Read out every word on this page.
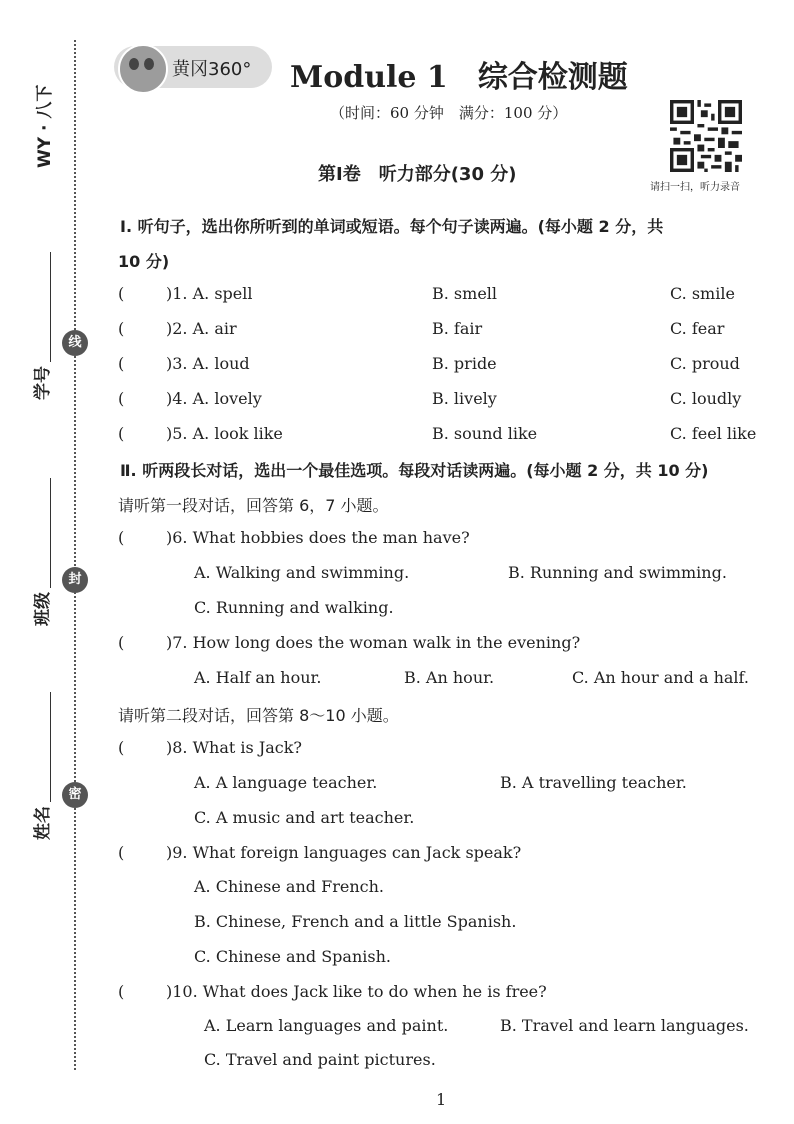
WY · 八下
学号
班级
姓名
线
封
密
黄冈360° Module 1 综合检测题
（时间：60 分钟　满分：100 分）
请扫一扫，听力录音
第Ⅰ卷　听力部分(30 分)
Ⅰ. 听句子，选出你所听到的单词或短语。每个句子读两遍。(每小题 2 分，共
10 分)
(	)1. A. spell	B. smell	C. smile
(	)2. A. air	B. fair	C. fear
(	)3. A. loud	B. pride	C. proud
(	)4. A. lovely	B. lively	C. loudly
(	)5. A. look like	B. sound like	C. feel like
Ⅱ. 听两段长对话，选出一个最佳选项。每段对话读两遍。(每小题 2 分，共 10 分)
请听第一段对话，回答第 6，7 小题。
(	)6. What hobbies does the man have?
A. Walking and swimming.	B. Running and swimming.
C. Running and walking.
(	)7. How long does the woman walk in the evening?
A. Half an hour.	B. An hour.	C. An hour and a half.
请听第二段对话，回答第 8～10 小题。
(	)8. What is Jack?
A. A language teacher.	B. A travelling teacher.
C. A music and art teacher.
(	)9. What foreign languages can Jack speak?
A. Chinese and French.
B. Chinese, French and a little Spanish.
C. Chinese and Spanish.
(	)10. What does Jack like to do when he is free?
A. Learn languages and paint.	B. Travel and learn languages.
C. Travel and paint pictures.
1
